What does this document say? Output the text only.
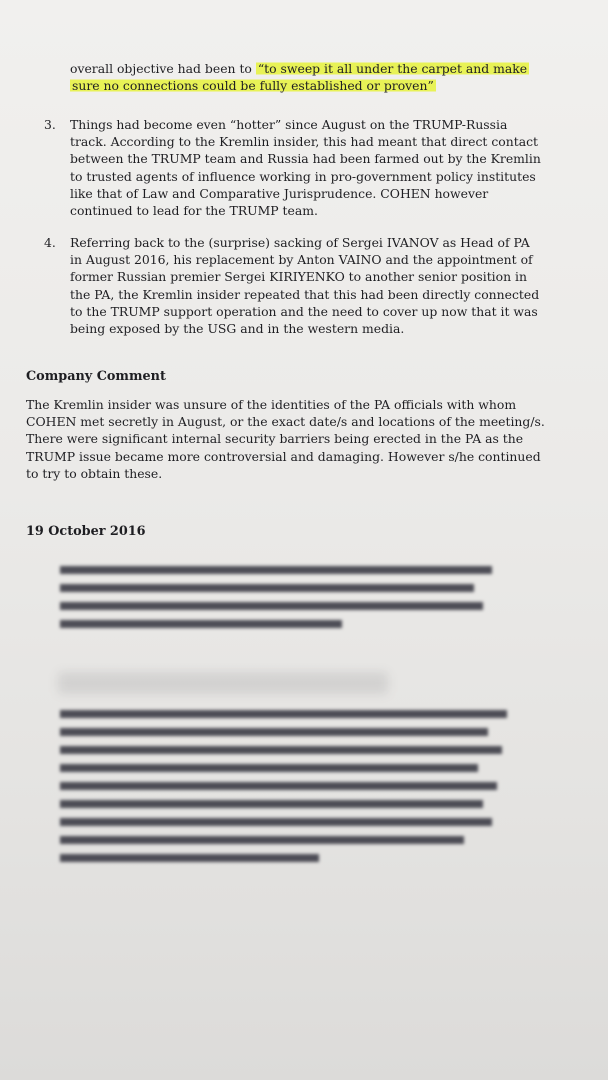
overall objective had been to “to sweep it all under the carpet and make sure no connections could be fully established or proven”
3.	Things had become even “hotter” since August on the TRUMP-Russia track. According to the Kremlin insider, this had meant that direct contact between the TRUMP team and Russia had been farmed out by the Kremlin to trusted agents of influence working in pro-government policy institutes like that of Law and Comparative Jurisprudence. COHEN however continued to lead for the TRUMP team.
4.	Referring back to the (surprise) sacking of Sergei IVANOV as Head of PA in August 2016, his replacement by Anton VAINO and the appointment of former Russian premier Sergei KIRIYENKO to another senior position in the PA, the Kremlin insider repeated that this had been directly connected to the TRUMP support operation and the need to cover up now that it was being exposed by the USG and in the western media.
Company Comment
The Kremlin insider was unsure of the identities of the PA officials with whom COHEN met secretly in August, or the exact date/s and locations of the meeting/s. There were significant internal security barriers being erected in the PA as the TRUMP issue became more controversial and damaging. However s/he continued to try to obtain these.
19 October 2016
